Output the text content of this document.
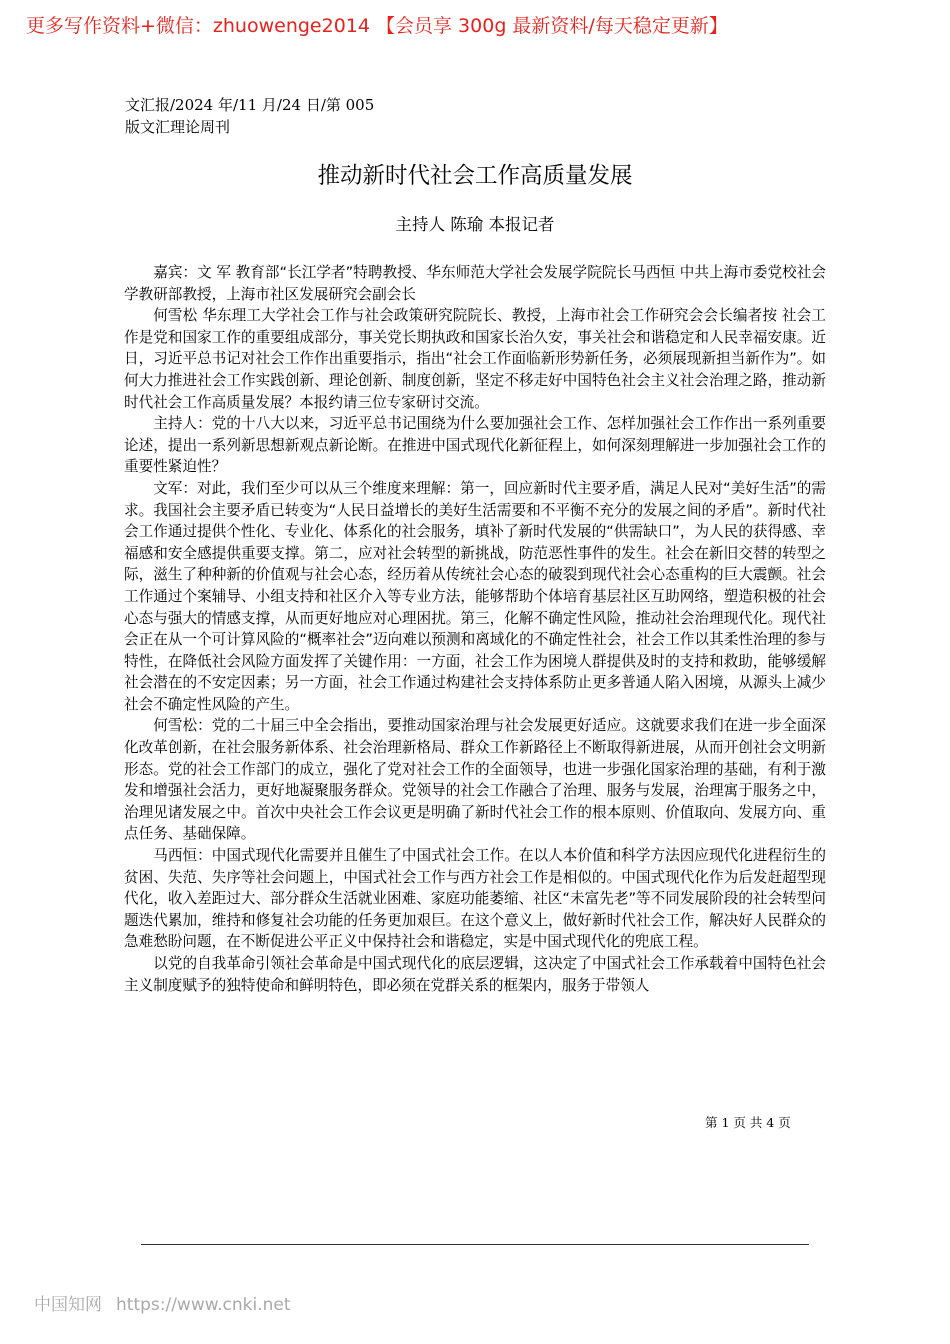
更多写作资料+微信：zhuowenge2014 【会员享 300g 最新资料/每天稳定更新】
文汇报/2024 年/11 月/24 日/第 005
版文汇理论周刊
推动新时代社会工作高质量发展
主持人 陈瑜 本报记者

嘉宾：文 军 教育部“长江学者”特聘教授、华东师范大学社会发展学院院长马西恒 中共上海市委党校社会学教研部教授，上海市社区发展研究会副会长

何雪松 华东理工大学社会工作与社会政策研究院院长、教授，上海市社会工作研究会会长编者按 社会工作是党和国家工作的重要组成部分，事关党长期执政和国家长治久安，事关社会和谐稳定和人民幸福安康。近日，习近平总书记对社会工作作出重要指示，指出“社会工作面临新形势新任务，必须展现新担当新作为”。如何大力推进社会工作实践创新、理论创新、制度创新，坚定不移走好中国特色社会主义社会治理之路，推动新时代社会工作高质量发展？本报约请三位专家研讨交流。

主持人：党的十八大以来，习近平总书记围绕为什么要加强社会工作、怎样加强社会工作作出一系列重要论述，提出一系列新思想新观点新论断。在推进中国式现代化新征程上，如何深刻理解进一步加强社会工作的重要性紧迫性？

文军：对此，我们至少可以从三个维度来理解：第一，回应新时代主要矛盾，满足人民对“美好生活”的需求。我国社会主要矛盾已转变为“人民日益增长的美好生活需要和不平衡不充分的发展之间的矛盾”。新时代社会工作通过提供个性化、专业化、体系化的社会服务，填补了新时代发展的“供需缺口”，为人民的获得感、幸福感和安全感提供重要支撑。第二，应对社会转型的新挑战，防范恶性事件的发生。社会在新旧交替的转型之际，滋生了种种新的价值观与社会心态，经历着从传统社会心态的破裂到现代社会心态重构的巨大震颤。社会工作通过个案辅导、小组支持和社区介入等专业方法，能够帮助个体培育基层社区互助网络，塑造积极的社会心态与强大的情感支撑，从而更好地应对心理困扰。第三，化解不确定性风险，推动社会治理现代化。现代社会正在从一个可计算风险的“概率社会”迈向难以预测和离域化的不确定性社会，社会工作以其柔性治理的参与特性，在降低社会风险方面发挥了关键作用：一方面，社会工作为困境人群提供及时的支持和救助，能够缓解社会潜在的不安定因素；另一方面，社会工作通过构建社会支持体系防止更多普通人陷入困境，从源头上减少社会不确定性风险的产生。

何雪松：党的二十届三中全会指出，要推动国家治理与社会发展更好适应。这就要求我们在进一步全面深化改革创新，在社会服务新体系、社会治理新格局、群众工作新路径上不断取得新进展，从而开创社会文明新形态。党的社会工作部门的成立，强化了党对社会工作的全面领导，也进一步强化国家治理的基础，有利于激发和增强社会活力，更好地凝聚服务群众。党领导的社会工作融合了治理、服务与发展，治理寓于服务之中，治理见诸发展之中。首次中央社会工作会议更是明确了新时代社会工作的根本原则、价值取向、发展方向、重点任务、基础保障。

马西恒：中国式现代化需要并且催生了中国式社会工作。在以人本价值和科学方法因应现代化进程衍生的贫困、失范、失序等社会问题上，中国式社会工作与西方社会工作是相似的。中国式现代化作为后发赶超型现代化，收入差距过大、部分群众生活就业困难、家庭功能萎缩、社区“未富先老”等不同发展阶段的社会转型问题迭代累加，维持和修复社会功能的任务更加艰巨。在这个意义上，做好新时代社会工作，解决好人民群众的急难愁盼问题，在不断促进公平正义中保持社会和谐稳定，实是中国式现代化的兜底工程。

以党的自我革命引领社会革命是中国式现代化的底层逻辑，这决定了中国式社会工作承载着中国特色社会主义制度赋予的独特使命和鲜明特色，即必须在党群关系的框架内，服务于带领人

第 1 页 共 4 页
中国知网 https://www.cnki.net
